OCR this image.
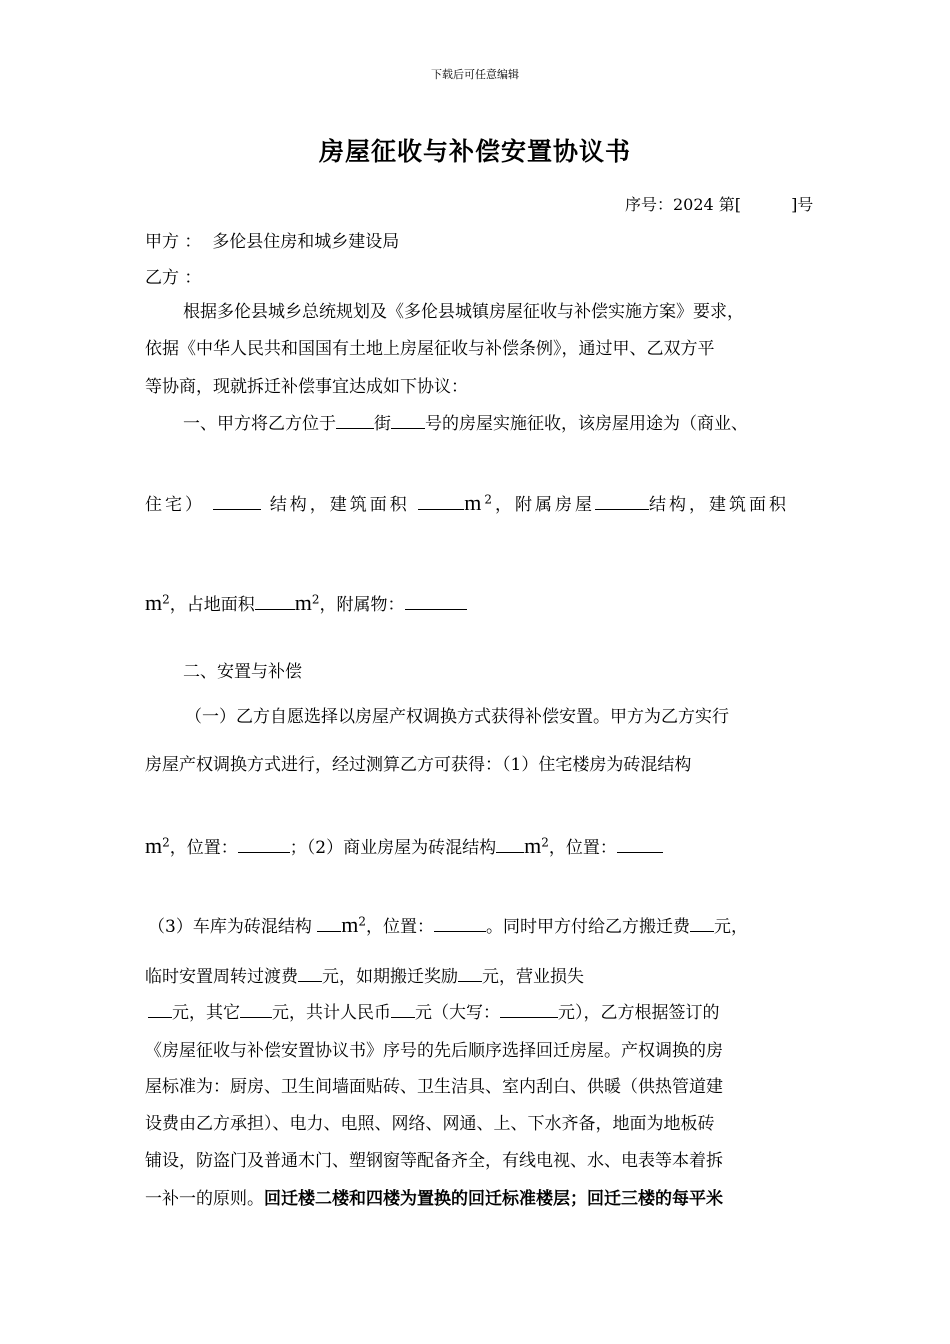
下载后可任意编辑
房屋征收与补偿安置协议书
序号：2024 第[	]号
甲方 ： 多伦县住房和城乡建设局
乙方 ：
根据多伦县城乡总统规划及《多伦县城镇房屋征收与补偿实施方案》要求，
依据《中华人民共和国国有土地上房屋征收与补偿条例》，通过甲、乙双方平
等协商，现就拆迁补偿事宜达成如下协议：
一、甲方将乙方位于 街 号的房屋实施征收，该房屋用途为（商业、
住宅）	结构，建筑面积 $m^2$，附属房屋	结构，建筑面积
$m^2$，占地面积 $m^2$，附属物：
二、安置与补偿
（一）乙方自愿选择以房屋产权调换方式获得补偿安置。甲方为乙方实行
房屋产权调换方式进行，经过测算乙方可获得：（1）住宅楼房为砖混结构
$m^2$，位置：	；（2）商业房屋为砖混结构 $m^2$，位置：
（3）车库为砖混结构 $m^2$，位置：	。同时甲方付给乙方搬迁费 元，
临时安置周转过渡费 元，如期搬迁奖励 元，营业损失
元，其它 元，共计人民币 元（大写：	元），乙方根据签订的
《房屋征收与补偿安置协议书》序号的先后顺序选择回迁房屋。产权调换的房
屋标准为：厨房、卫生间墙面贴砖、卫生洁具、室内刮白、供暖（供热管道建
设费由乙方承担）、电力、电照、网络、网通、上、下水齐备，地面为地板砖
铺设，防盗门及普通木门、塑钢窗等配备齐全，有线电视、水、电表等本着拆
一补一的原则。回迁楼二楼和四楼为置换的回迁标准楼层；回迁三楼的每平米
